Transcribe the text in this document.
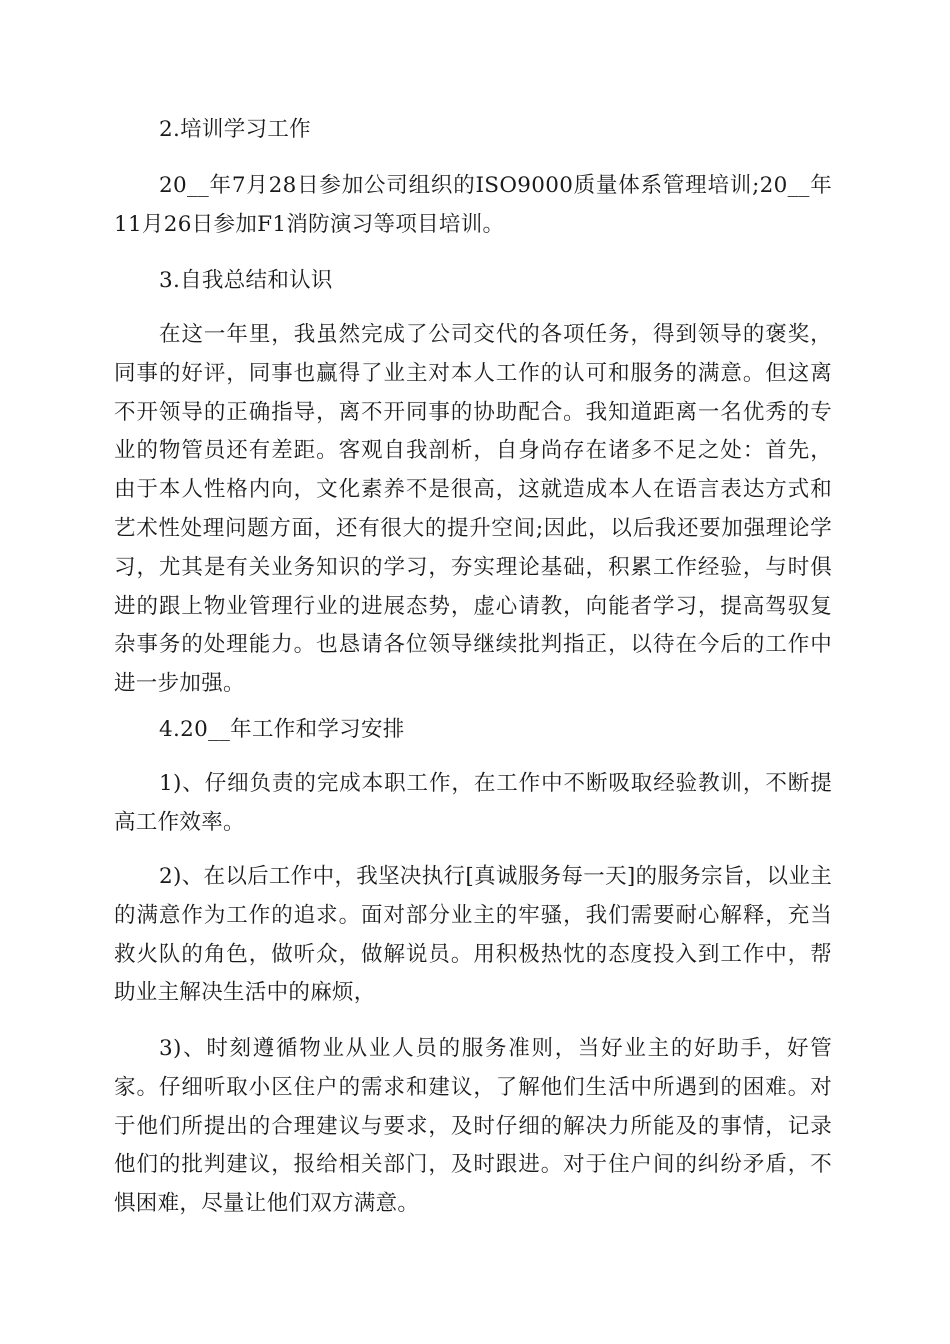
2.培训学习工作

20__年7月28日参加公司组织的ISO9000质量体系管理培训;20__年11月26日参加F1消防演习等项目培训。

3.自我总结和认识

在这一年里，我虽然完成了公司交代的各项任务，得到领导的褒奖，同事的好评，同事也赢得了业主对本人工作的认可和服务的满意。但这离不开领导的正确指导，离不开同事的协助配合。我知道距离一名优秀的专业的物管员还有差距。客观自我剖析，自身尚存在诸多不足之处：首先，由于本人性格内向，文化素养不是很高，这就造成本人在语言表达方式和艺术性处理问题方面，还有很大的提升空间;因此，以后我还要加强理论学习，尤其是有关业务知识的学习，夯实理论基础，积累工作经验，与时俱进的跟上物业管理行业的进展态势，虚心请教，向能者学习，提高驾驭复杂事务的处理能力。也恳请各位领导继续批判指正，以待在今后的工作中进一步加强。

4.20__年工作和学习安排

1)、仔细负责的完成本职工作，在工作中不断吸取经验教训，不断提高工作效率。

2)、在以后工作中，我坚决执行[真诚服务每一天]的服务宗旨，以业主的满意作为工作的追求。面对部分业主的牢骚，我们需要耐心解释，充当救火队的角色，做听众，做解说员。用积极热忱的态度投入到工作中，帮助业主解决生活中的麻烦，

3)、时刻遵循物业从业人员的服务准则，当好业主的好助手，好管家。仔细听取小区住户的需求和建议，了解他们生活中所遇到的困难。对于他们所提出的合理建议与要求，及时仔细的解决力所能及的事情，记录他们的批判建议，报给相关部门，及时跟进。对于住户间的纠纷矛盾，不惧困难，尽量让他们双方满意。
